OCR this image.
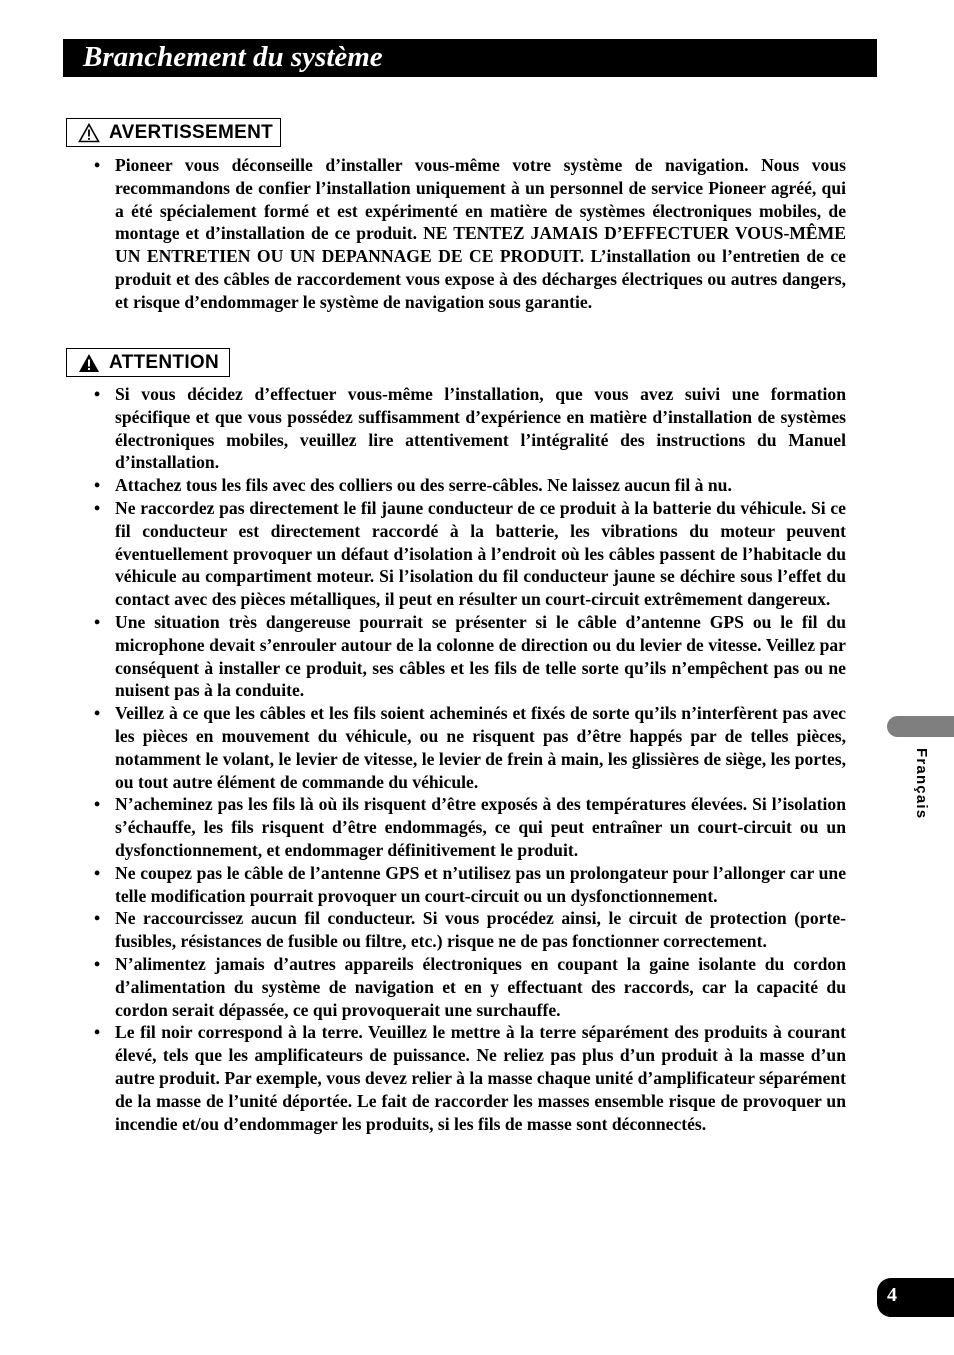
Branchement du système
AVERTISSEMENT
• Pioneer vous déconseille d’installer vous-même votre système de navigation. Nous vous recommandons de confier l’installation uniquement à un personnel de service Pioneer agréé, qui a été spécialement formé et est expérimenté en matière de systèmes électroniques mobiles, de montage et d’installation de ce produit. NE TENTEZ JAMAIS D’EFFECTUER VOUS-MÊME UN ENTRETIEN OU UN DEPANNAGE DE CE PRODUIT. L’installation ou l’entretien de ce produit et des câbles de raccordement vous expose à des décharges électriques ou autres dangers, et risque d’endommager le système de navigation sous garantie.
ATTENTION
• Si vous décidez d’effectuer vous-même l’installation, que vous avez suivi une formation spécifique et que vous possédez suffisamment d’expérience en matière d’installation de systèmes électroniques mobiles, veuillez lire attentivement l’intégralité des instructions du Manuel d’installation.
• Attachez tous les fils avec des colliers ou des serre-câbles. Ne laissez aucun fil à nu.
• Ne raccordez pas directement le fil jaune conducteur de ce produit à la batterie du véhicule. Si ce fil conducteur est directement raccordé à la batterie, les vibrations du moteur peuvent éventuellement provoquer un défaut d’isolation à l’endroit où les câbles passent de l’habitacle du véhicule au compartiment moteur. Si l’isolation du fil conducteur jaune se déchire sous l’effet du contact avec des pièces métalliques, il peut en résulter un court-circuit extrêmement dangereux.
• Une situation très dangereuse pourrait se présenter si le câble d’antenne GPS ou le fil du microphone devait s’enrouler autour de la colonne de direction ou du levier de vitesse. Veillez par conséquent à installer ce produit, ses câbles et les fils de telle sorte qu’ils n’empêchent pas ou ne nuisent pas à la conduite.
• Veillez à ce que les câbles et les fils soient acheminés et fixés de sorte qu’ils n’interfèrent pas avec les pièces en mouvement du véhicule, ou ne risquent pas d’être happés par de telles pièces, notamment le volant, le levier de vitesse, le levier de frein à main, les glissières de siège, les portes, ou tout autre élément de commande du véhicule.
• N’acheminez pas les fils là où ils risquent d’être exposés à des températures élevées. Si l’isolation s’échauffe, les fils risquent d’être endommagés, ce qui peut entraîner un court-circuit ou un dysfonctionnement, et endommager définitivement le produit.
• Ne coupez pas le câble de l’antenne GPS et n’utilisez pas un prolongateur pour l’allonger car une telle modification pourrait provoquer un court-circuit ou un dysfonctionnement.
• Ne raccourcissez aucun fil conducteur. Si vous procédez ainsi, le circuit de protection (porte-fusibles, résistances de fusible ou filtre, etc.) risque ne de pas fonctionner correctement.
• N’alimentez jamais d’autres appareils électroniques en coupant la gaine isolante du cordon d’alimentation du système de navigation et en y effectuant des raccords, car la capacité du cordon serait dépassée, ce qui provoquerait une surchauffe.
• Le fil noir correspond à la terre. Veuillez le mettre à la terre séparément des produits à courant élevé, tels que les amplificateurs de puissance. Ne reliez pas plus d’un produit à la masse d’un autre produit. Par exemple, vous devez relier à la masse chaque unité d’amplificateur séparément de la masse de l’unité déportée. Le fait de raccorder les masses ensemble risque de provoquer un incendie et/ou d’endommager les produits, si les fils de masse sont déconnectés.
Français
4
